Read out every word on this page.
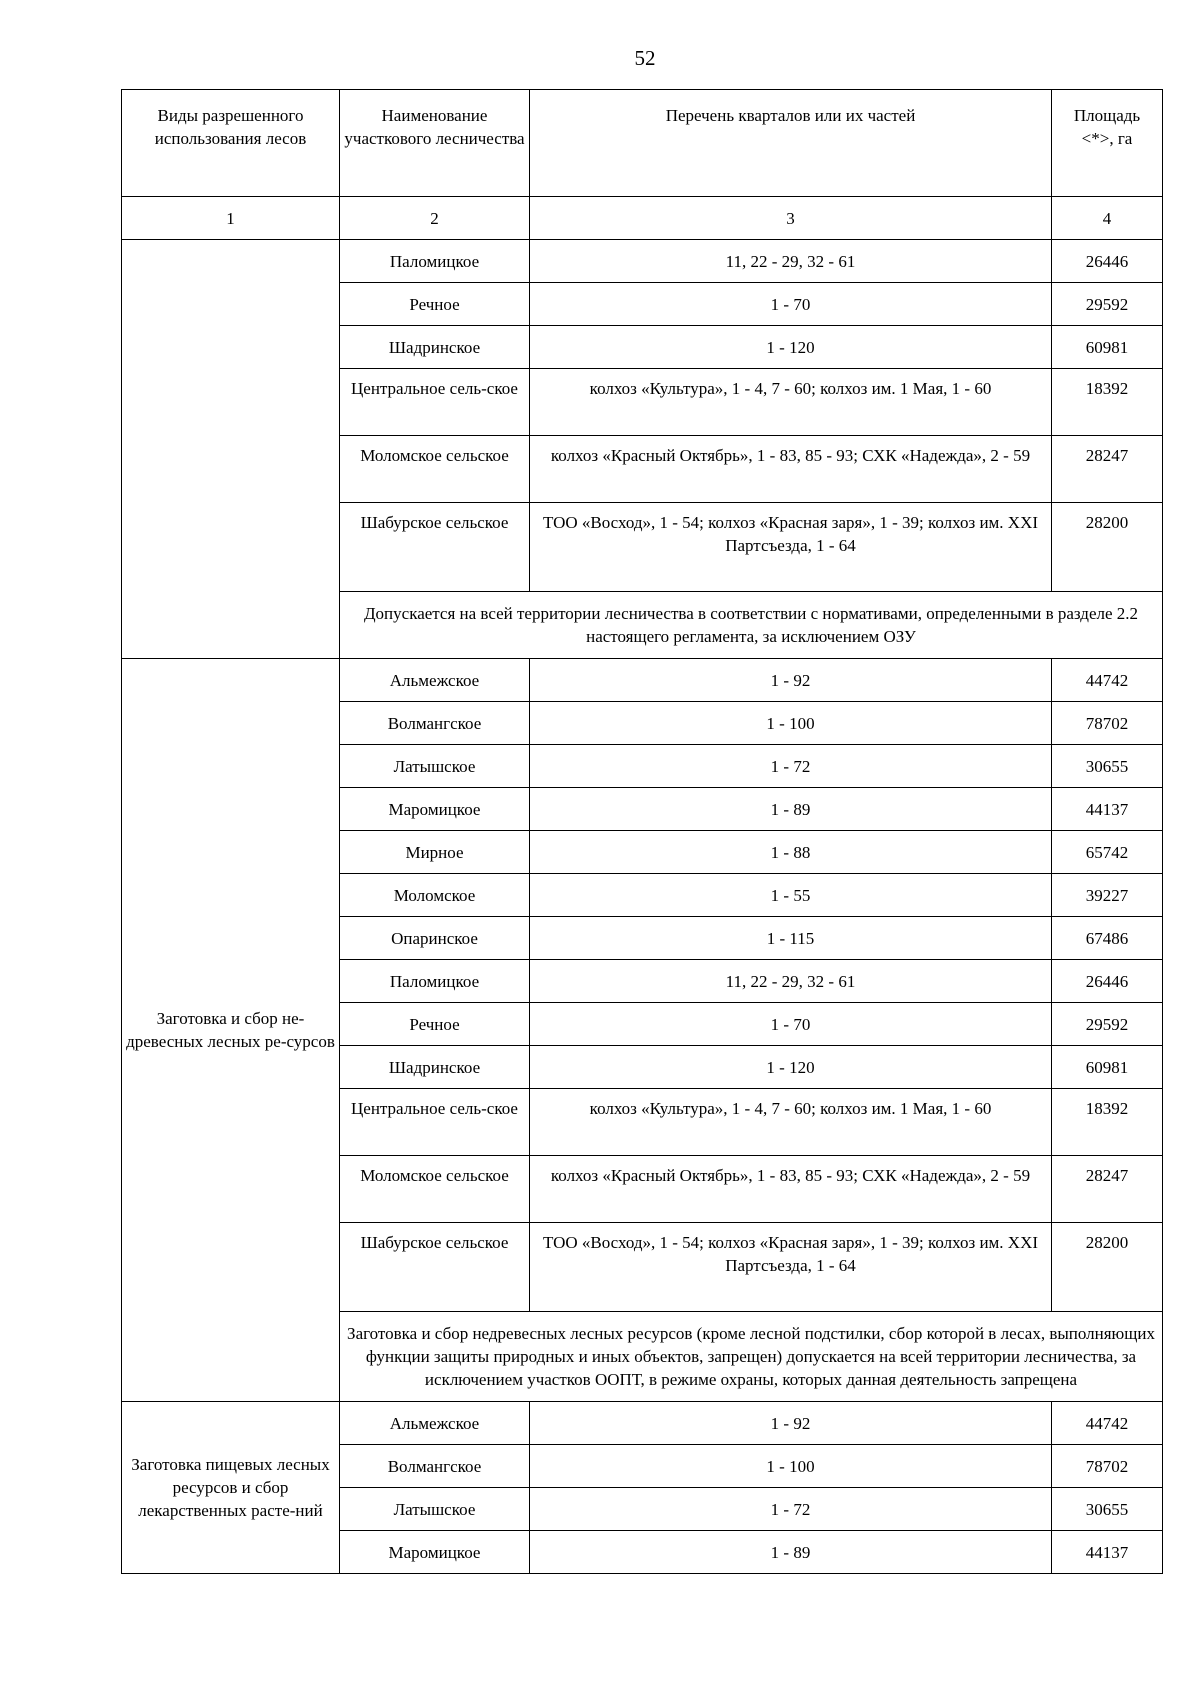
52
Виды разрешенного использования лесов	Наименование участкового лесничества	Перечень кварталов или их частей	Площадь <*>, га
1	2	3	4
	Паломицкое	11, 22 - 29, 32 - 61	26446
	Речное	1 - 70	29592
	Шадринское	1 - 120	60981
	Центральное сель-ское	колхоз «Культура», 1 - 4, 7 - 60; колхоз им. 1 Мая, 1 - 60	18392
	Моломское сельское	колхоз «Красный Октябрь», 1 - 83, 85 - 93; СХК «Надежда», 2 - 59	28247
	Шабурское сельское	ТОО «Восход», 1 - 54; колхоз «Красная заря», 1 - 39; колхоз им. XXI Партсъезда, 1 - 64	28200
	Допускается на всей территории лесничества в соответствии с нормативами, определенными в разделе 2.2 настоящего регламента, за исключением ОЗУ		
Заготовка и сбор не-древесных лесных ре-сурсов	Альмежское	1 - 92	44742
	Волмангское	1 - 100	78702
	Латышское	1 - 72	30655
	Маромицкое	1 - 89	44137
	Мирное	1 - 88	65742
	Моломское	1 - 55	39227
	Опаринское	1 - 115	67486
	Паломицкое	11, 22 - 29, 32 - 61	26446
	Речное	1 - 70	29592
	Шадринское	1 - 120	60981
	Центральное сель-ское	колхоз «Культура», 1 - 4, 7 - 60; колхоз им. 1 Мая, 1 - 60	18392
	Моломское сельское	колхоз «Красный Октябрь», 1 - 83, 85 - 93; СХК «Надежда», 2 - 59	28247
	Шабурское сельское	ТОО «Восход», 1 - 54; колхоз «Красная заря», 1 - 39; колхоз им. XXI Партсъезда, 1 - 64	28200
	Заготовка и сбор недревесных лесных ресурсов (кроме лесной подстилки, сбор которой в лесах, выполняющих функции защиты природных и иных объектов, запрещен) допускается на всей территории лесничества, за исключением участков ООПТ, в режиме охраны, которых данная деятельность запрещена		
Заготовка пищевых лесных ресурсов и сбор лекарственных расте-ний	Альмежское	1 - 92	44742
	Волмангское	1 - 100	78702
	Латышское	1 - 72	30655
	Маромицкое	1 - 89	44137
